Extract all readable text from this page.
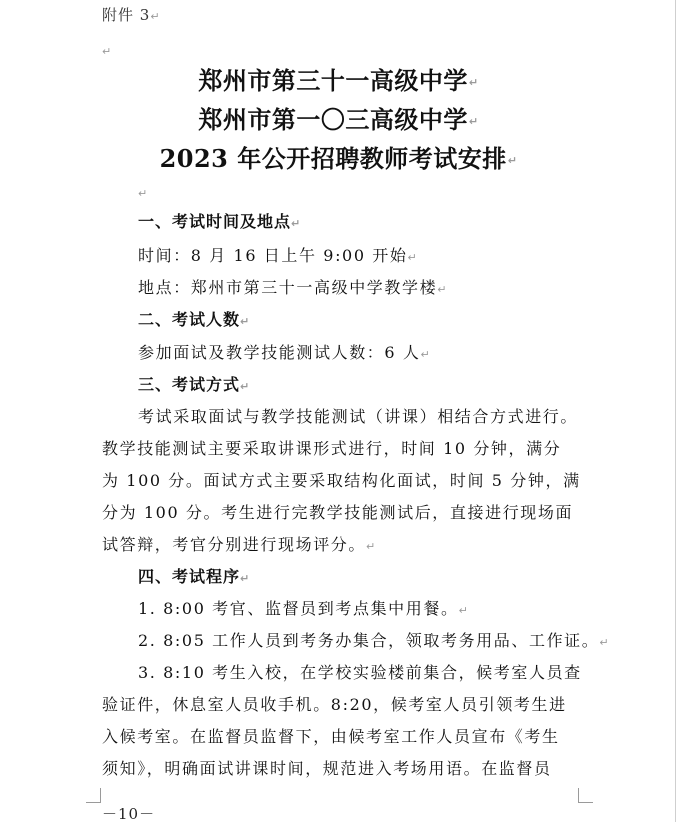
附件 3↵
↵
郑州市第三十一高级中学↵
郑州市第一〇三高级中学↵
2023 年公开招聘教师考试安排↵
↵
一、考试时间及地点↵
时间：8 月 16 日上午 9:00 开始↵
地点：郑州市第三十一高级中学教学楼↵
二、考试人数↵
参加面试及教学技能测试人数：6 人↵
三、考试方式↵
考试采取面试与教学技能测试（讲课）相结合方式进行。
教学技能测试主要采取讲课形式进行，时间 10 分钟，满分
为 100 分。面试方式主要采取结构化面试，时间 5 分钟，满
分为 100 分。考生进行完教学技能测试后，直接进行现场面
试答辩，考官分别进行现场评分。↵
四、考试程序↵
1. 8:00 考官、监督员到考点集中用餐。↵
2. 8:05 工作人员到考务办集合，领取考务用品、工作证。↵
3. 8:10 考生入校，在学校实验楼前集合，候考室人员查
验证件，休息室人员收手机。8:20，候考室人员引领考生进
入候考室。在监督员监督下，由候考室工作人员宣布《考生
须知》，明确面试讲课时间，规范进入考场用语。在监督员
－10－
